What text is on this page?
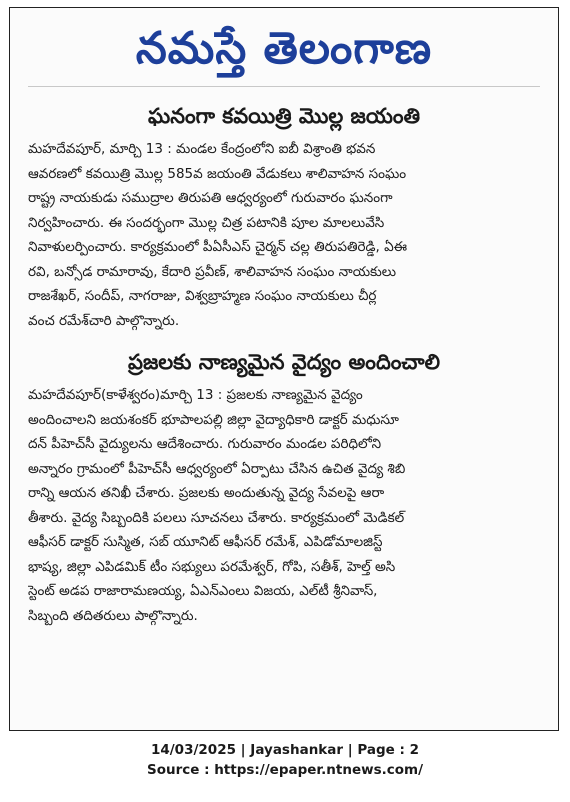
నమస్తే తెలంగాణ
ఘనంగా కవయిత్రి మొల్ల జయంతి
మహదేవపూర్, మార్చి 13 : మండల కేంద్రంలోని ఐబీ విశ్రాంతి భవన
ఆవరణలో కవయిత్రి మొల్ల 585వ జయంతి వేడుకలు శాలివాహన సంఘం
రాష్ట్ర నాయకుడు సముద్రాల తిరుపతి ఆధ్వర్యంలో గురువారం ఘనంగా
నిర్వహించారు. ఈ సందర్భంగా మొల్ల చిత్ర పటానికి పూల మాలలువేసి
నివాళులర్పించారు. కార్యక్రమంలో పీఏసీఎస్ చైర్మన్ చల్ల తిరుపతిరెడ్డి, ఏఈ
రవి, బన్సోడ రామారావు, కేదారి ప్రవీణ్, శాలివాహన సంఘం నాయకులు
రాజశేఖర్, సందీప్, నాగరాజు, విశ్వబ్రాహ్మణ సంఘం నాయకులు చీర్ల
వంచ రమేశ్‌చారి పాల్గొన్నారు.
ప్రజలకు నాణ్యమైన వైద్యం అందించాలి
మహదేవపూర్(కాళేశ్వరం)మార్చి 13 : ప్రజలకు నాణ్యమైన వైద్యం
అందించాలని జయశంకర్ భూపాలపల్లి జిల్లా వైద్యాధికారి డాక్టర్ మధుసూ
దన్ పీహెచ్‌సీ వైద్యులను ఆదేశించారు. గురువారం మండల పరిధిలోని
అన్నారం గ్రామంలో పీహెచ్‌సీ ఆధ్వర్యంలో ఏర్పాటు చేసిన ఉచిత వైద్య శిబి
రాన్ని ఆయన తనిఖీ చేశారు. ప్రజలకు అందుతున్న వైద్య సేవలపై ఆరా
తీశారు. వైద్య సిబ్బందికి పలలు సూచనలు చేశారు. కార్యక్రమంలో మెడికల్
ఆఫీసర్ డాక్టర్ సుస్మిత, సబ్ యూనిట్ ఆఫీసర్ రమేశ్, ఎపిడోమాలజిస్ట్
భాష్య, జిల్లా ఎపిడమిక్ టీం సభ్యులు పరమేశ్వర్, గోపి, సతీశ్, హెల్త్ అసి
స్టెంట్ అడప రాజారామణయ్య, ఏఎన్‌ఎంలు విజయ, ఎల్‌టీ శ్రీనివాస్,
సిబ్బంది తదితరులు పాల్గొన్నారు.
14/03/2025 | Jayashankar | Page : 2
Source : https://epaper.ntnews.com/
